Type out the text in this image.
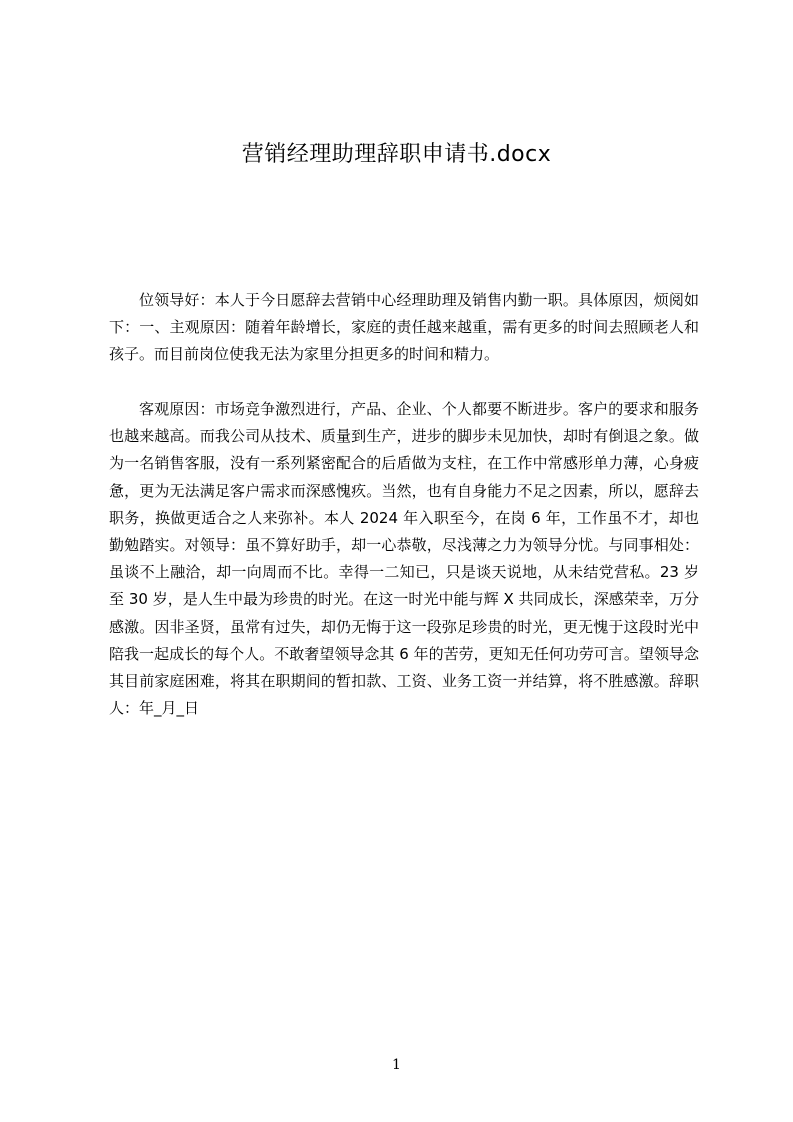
营销经理助理辞职申请书.docx

位领导好：本人于今日愿辞去营销中心经理助理及销售内勤一职。具体原因，烦阅如下：一、主观原因：随着年龄增长，家庭的责任越来越重，需有更多的时间去照顾老人和孩子。而目前岗位使我无法为家里分担更多的时间和精力。

客观原因：市场竞争激烈进行，产品、企业、个人都要不断进步。客户的要求和服务也越来越高。而我公司从技术、质量到生产，进步的脚步未见加快，却时有倒退之象。做为一名销售客服，没有一系列紧密配合的后盾做为支柱，在工作中常感形单力薄，心身疲惫，更为无法满足客户需求而深感愧疚。当然，也有自身能力不足之因素，所以，愿辞去职务，换做更适合之人来弥补。本人 2024 年入职至今，在岗 6 年，工作虽不才，却也勤勉踏实。对领导：虽不算好助手，却一心恭敬，尽浅薄之力为领导分忧。与同事相处：虽谈不上融洽，却一向周而不比。幸得一二知已，只是谈天说地，从未结党营私。23 岁至 30 岁，是人生中最为珍贵的时光。在这一时光中能与辉 X 共同成长，深感荣幸，万分感激。因非圣贤，虽常有过失，却仍无悔于这一段弥足珍贵的时光，更无愧于这段时光中陪我一起成长的每个人。不敢奢望领导念其 6 年的苦劳，更知无任何功劳可言。望领导念其目前家庭困难，将其在职期间的暂扣款、工资、业务工资一并结算，将不胜感激。辞职人：年_月_日

1
